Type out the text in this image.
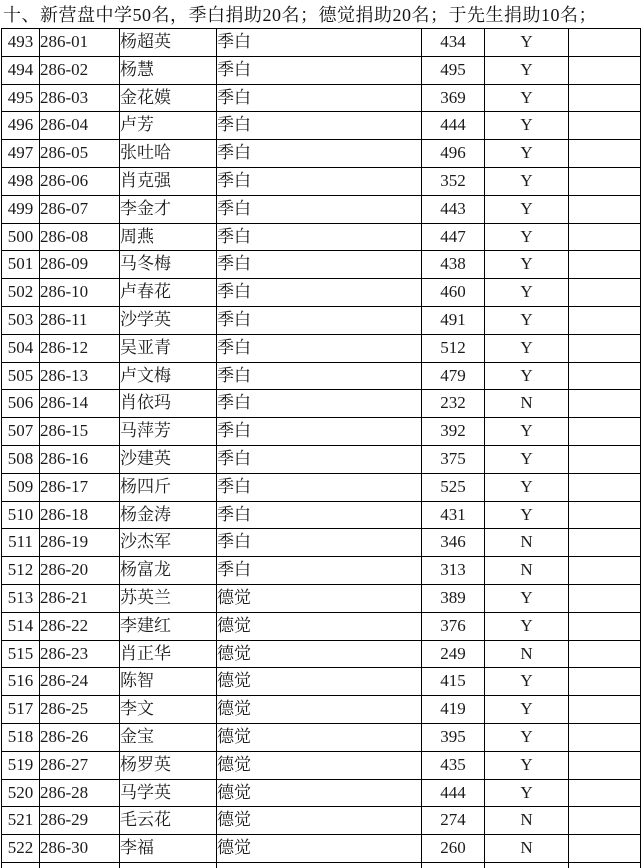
十、新营盘中学50名，季白捐助20名；德觉捐助20名；于先生捐助10名；
493	286-01	杨超英	季白	434	Y	
494	286-02	杨慧	季白	495	Y	
495	286-03	金花嫫	季白	369	Y	
496	286-04	卢芳	季白	444	Y	
497	286-05	张吐哈	季白	496	Y	
498	286-06	肖克强	季白	352	Y	
499	286-07	李金才	季白	443	Y	
500	286-08	周燕	季白	447	Y	
501	286-09	马冬梅	季白	438	Y	
502	286-10	卢春花	季白	460	Y	
503	286-11	沙学英	季白	491	Y	
504	286-12	吴亚青	季白	512	Y	
505	286-13	卢文梅	季白	479	Y	
506	286-14	肖依玛	季白	232	N	
507	286-15	马萍芳	季白	392	Y	
508	286-16	沙建英	季白	375	Y	
509	286-17	杨四斤	季白	525	Y	
510	286-18	杨金涛	季白	431	Y	
511	286-19	沙杰军	季白	346	N	
512	286-20	杨富龙	季白	313	N	
513	286-21	苏英兰	德觉	389	Y	
514	286-22	李建红	德觉	376	Y	
515	286-23	肖正华	德觉	249	N	
516	286-24	陈智	德觉	415	Y	
517	286-25	李文	德觉	419	Y	
518	286-26	金宝	德觉	395	Y	
519	286-27	杨罗英	德觉	435	Y	
520	286-28	马学英	德觉	444	Y	
521	286-29	毛云花	德觉	274	N	
522	286-30	李福	德觉	260	N	
